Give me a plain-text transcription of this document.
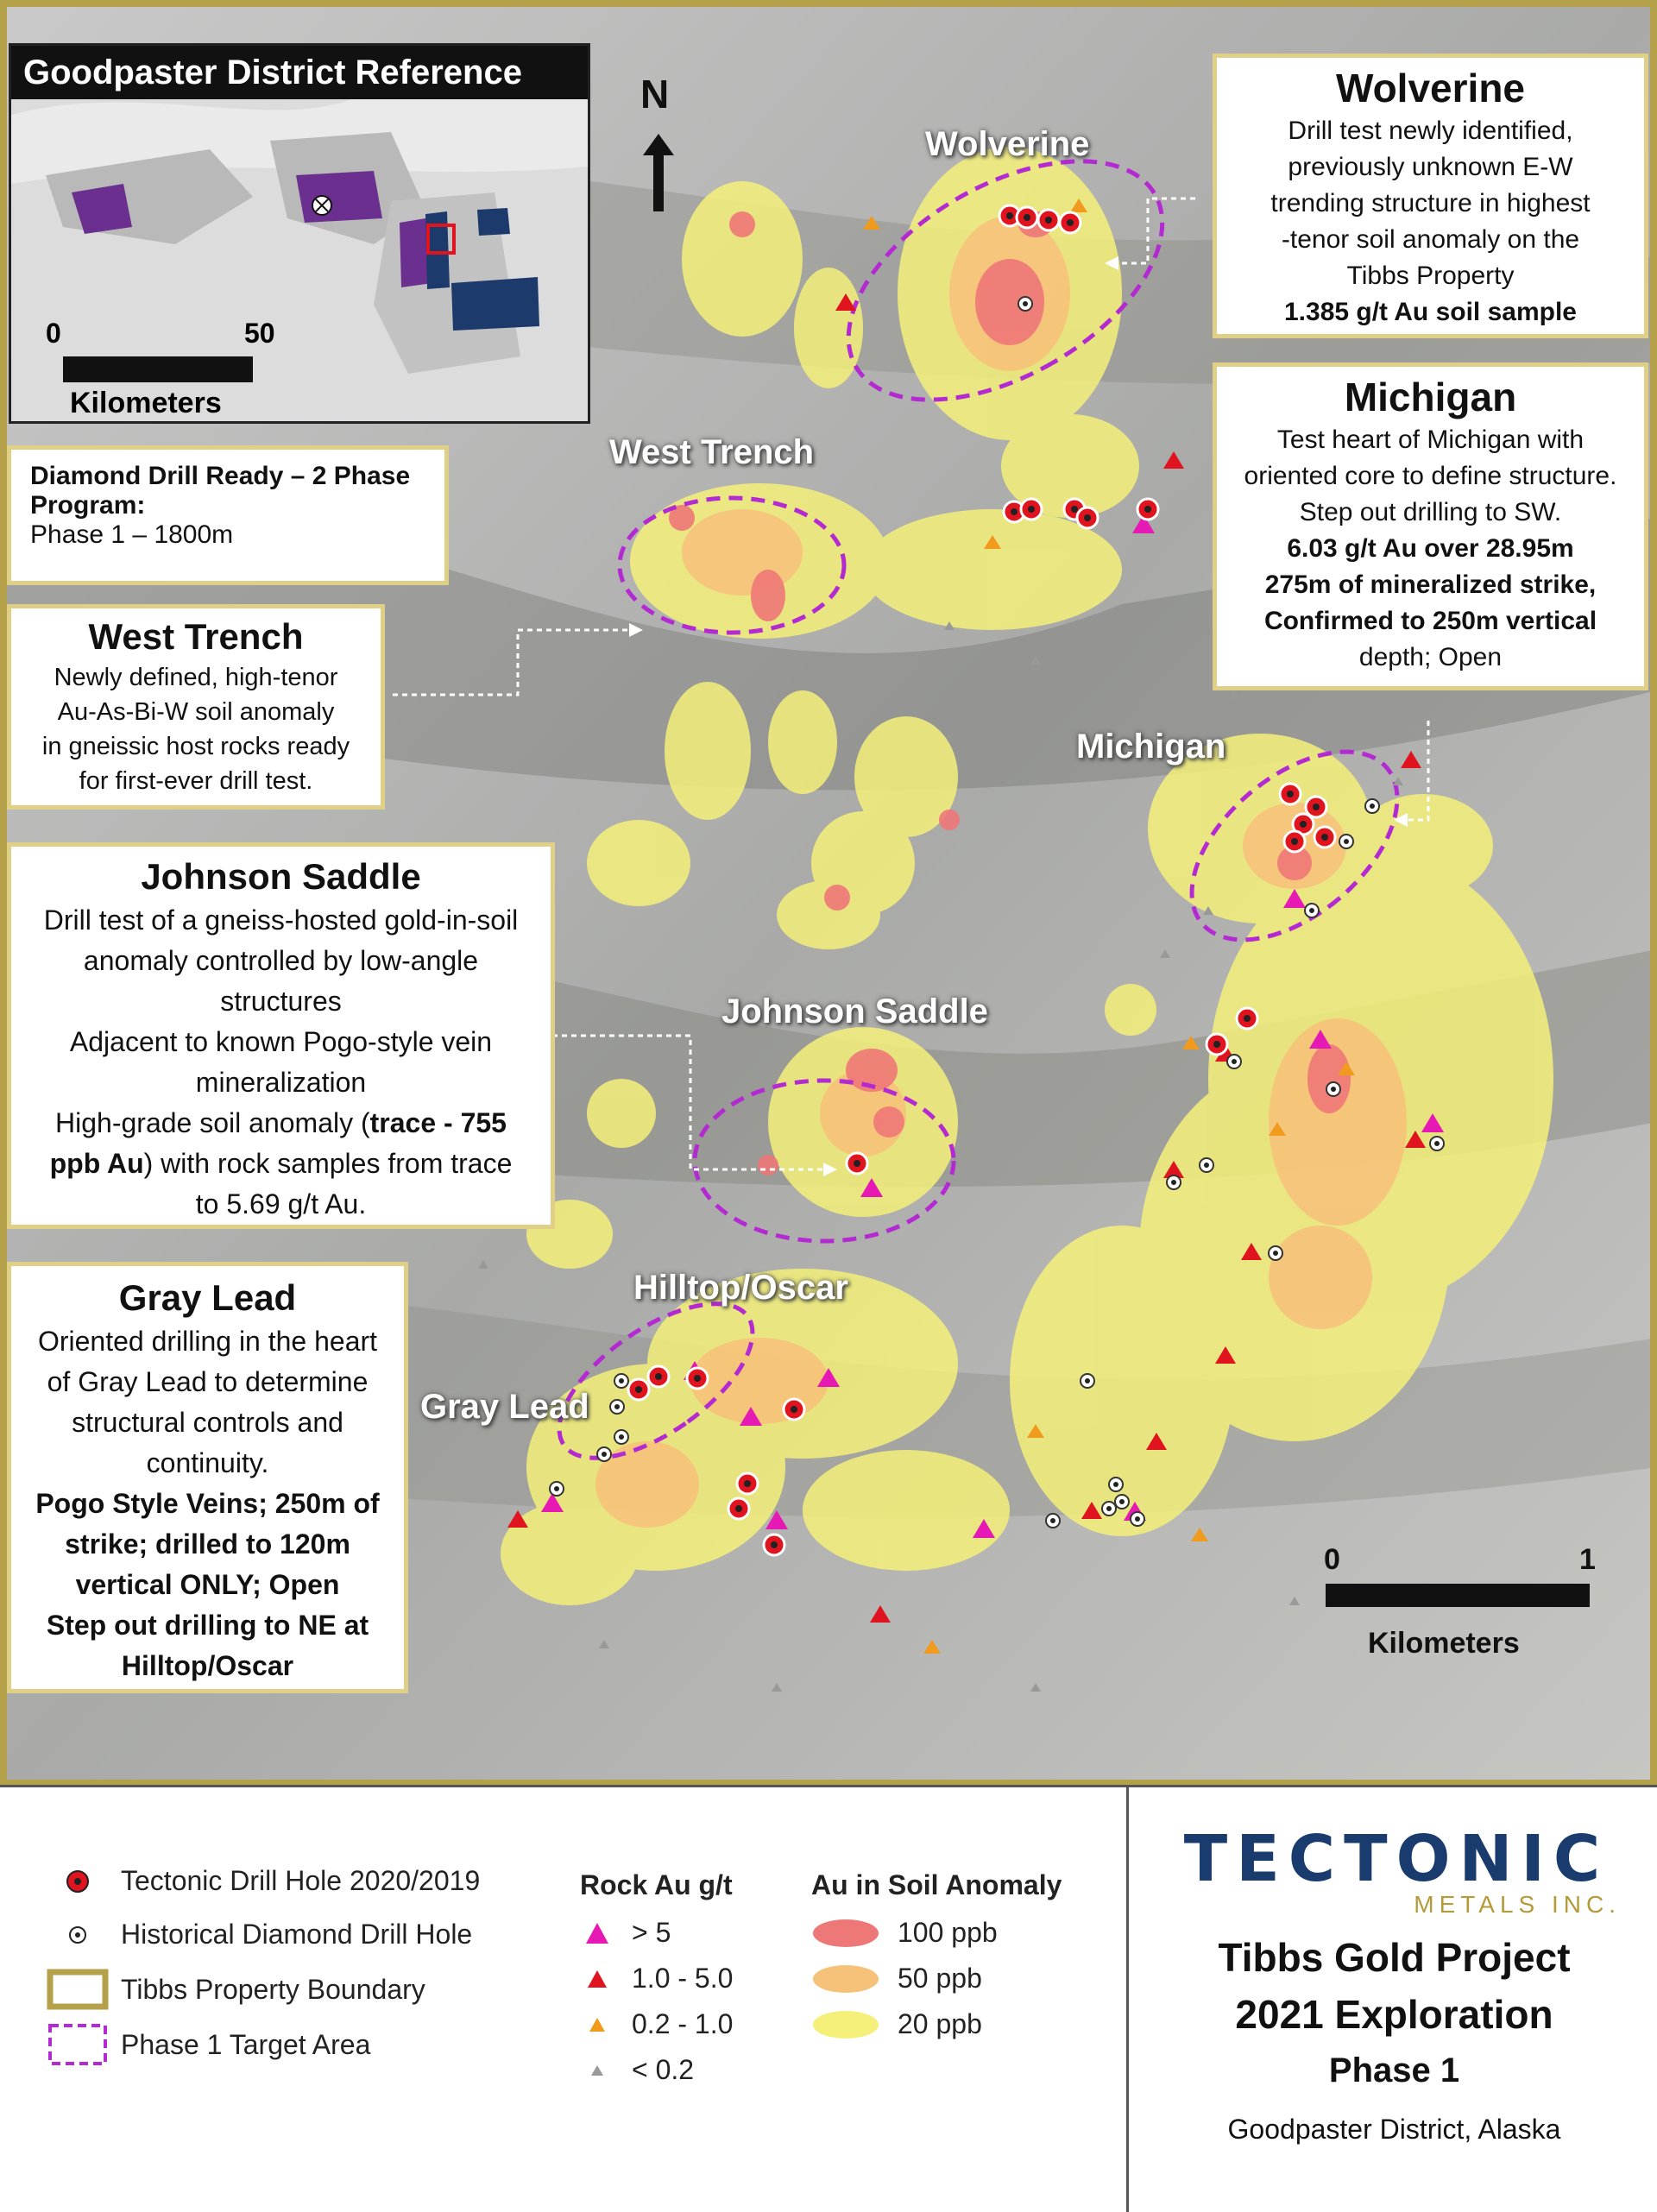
N
Goodpaster District Reference
0	50
Kilometers
Diamond Drill Ready – 2 Phase
Program:
Phase 1 – 1800m
Wolverine
Drill test newly identified,
previously unknown E-W
trending structure in highest
-tenor soil anomaly on the
Tibbs Property
1.385 g/t Au soil sample
Michigan
Test heart of Michigan with
oriented core to define structure.
Step out drilling to SW.
6.03 g/t Au over 28.95m
275m of mineralized strike,
Confirmed to 250m vertical
depth; Open
West Trench
Newly defined, high-tenor
Au-As-Bi-W soil anomaly
in gneissic host rocks ready
for first-ever drill test.
Johnson Saddle
Drill test of a gneiss-hosted gold-in-soil
anomaly controlled by low-angle
structures
Adjacent to known Pogo-style vein
mineralization
High-grade soil anomaly (trace - 755
ppb Au) with rock samples from trace
to 5.69 g/t Au.
Gray Lead
Oriented drilling in the heart
of Gray Lead to determine
structural controls and
continuity.
Pogo Style Veins; 250m of
strike; drilled to 120m
vertical ONLY; Open
Step out drilling to NE at
Hilltop/Oscar
Wolverine
West Trench
Michigan
Johnson Saddle
Hilltop/Oscar
Gray Lead
0	1
Kilometers
Tectonic Drill Hole 2020/2019
Historical Diamond Drill Hole
Tibbs Property Boundary
Phase 1 Target Area
Rock Au g/t
> 5
1.0 - 5.0
0.2 - 1.0
< 0.2
Au in Soil Anomaly
100 ppb
50 ppb
20 ppb
TECTONIC
METALS INC.
Tibbs Gold Project
2021 Exploration
Phase 1
Goodpaster District, Alaska
